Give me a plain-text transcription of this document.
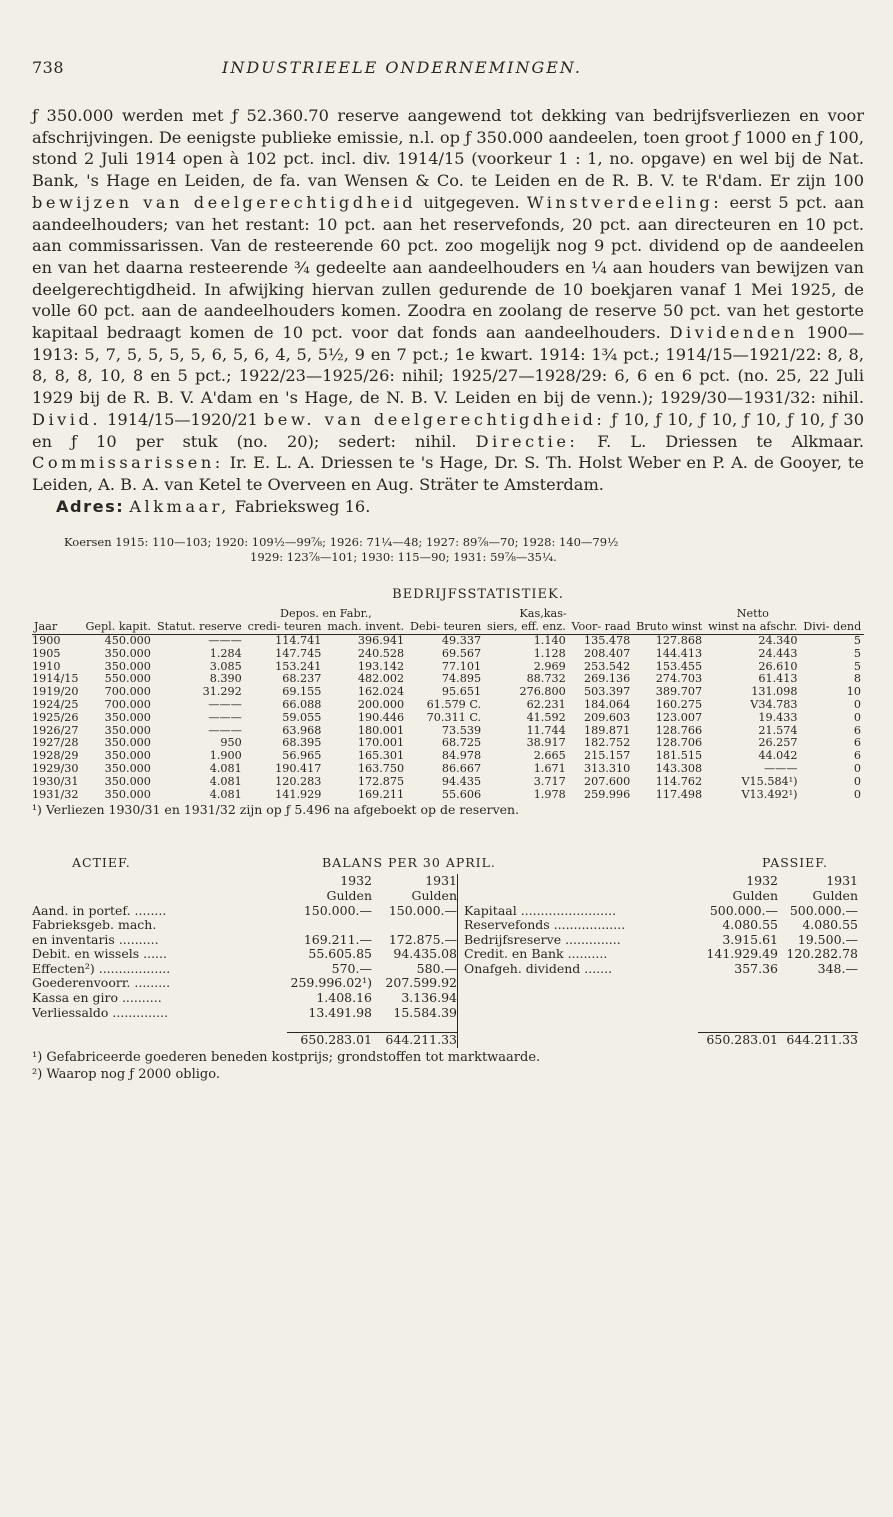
738	INDUSTRIEELE ONDERNEMINGEN.
ƒ 350.000 werden met ƒ 52.360.70 reserve aangewend tot dekking van bedrijfsverliezen en voor afschrijvingen. De eenigste publieke emissie, n.l. op ƒ 350.000 aandeelen, toen groot ƒ 1000 en ƒ 100, stond 2 Juli 1914 open à 102 pct. incl. div. 1914/15 (voorkeur 1 : 1, no. opgave) en wel bij de Nat. Bank, 's Hage en Leiden, de fa. van Wensen & Co. te Leiden en de R. B. V. te R'dam. Er zijn 100 bewijzen van deelgerechtigdheid uitgegeven. Winstverdeeling: eerst 5 pct. aan aandeelhouders; van het restant: 10 pct. aan het reservefonds, 20 pct. aan directeuren en 10 pct. aan commissarissen. Van de resteerende 60 pct. zoo mogelijk nog 9 pct. dividend op de aandeelen en van het daarna resteerende ¾ gedeelte aan aandeelhouders en ¼ aan houders van bewijzen van deelgerechtigdheid. In afwijking hiervan zullen gedurende de 10 boekjaren vanaf 1 Mei 1925, de volle 60 pct. aan de aandeelhouders komen. Zoodra en zoolang de reserve 50 pct. van het gestorte kapitaal bedraagt komen de 10 pct. voor dat fonds aan aandeelhouders. Dividenden 1900—1913: 5, 7, 5, 5, 5, 5, 6, 5, 6, 4, 5, 5½, 9 en 7 pct.; 1e kwart. 1914: 1¾ pct.; 1914/15—1921/22: 8, 8, 8, 8, 8, 10, 8 en 5 pct.; 1922/23—1925/26: nihil; 1925/27—1928/29: 6, 6 en 6 pct. (no. 25, 22 Juli 1929 bij de R. B. V. A'dam en 's Hage, de N. B. V. Leiden en bij de venn.); 1929/30—1931/32: nihil. Divid. 1914/15—1920/21 bew. van deelgerechtigdheid: ƒ 10, ƒ 10, ƒ 10, ƒ 10, ƒ 10, ƒ 30 en ƒ 10 per stuk (no. 20); sedert: nihil. Directie: F. L. Driessen te Alkmaar. Commissarissen: Ir. E. L. A. Driessen te 's Hage, Dr. S. Th. Holst Weber en P. A. de Gooyer, te Leiden, A. B. A. van Ketel te Overveen en Aug. Sträter te Amsterdam.
Adres: Alkmaar, Fabrieksweg 16.
Koersen 1915: 110—103; 1920: 109½—99⅞; 1926: 71¼—48; 1927: 89⅞—70; 1928: 140—79½
1929: 123⅞—101; 1930: 115—90; 1931: 59⅞—35¼.
BEDRIJFSSTATISTIEK.
			Depos. en Fabr.,		Kas,kas-				Netto	
Jaar	Gepl. kapit.	Statut. reserve	credi- teuren	mach. invent.	Debi- teuren	siers, eff. enz.	Voor- raad	Bruto winst	winst na afschr.	Divi- dend
1900	450.000	———	114.741	396.941	49.337	1.140	135.478	127.868	24.340	5
1905	350.000	1.284	147.745	240.528	69.567	1.128	208.407	144.413	24.443	5
1910	350.000	3.085	153.241	193.142	77.101	2.969	253.542	153.455	26.610	5
1914/15	550.000	8.390	68.237	482.002	74.895	88.732	269.136	274.703	61.413	8
1919/20	700.000	31.292	69.155	162.024	95.651	276.800	503.397	389.707	131.098	10
1924/25	700.000	———	66.088	200.000	61.579 C.	62.231	184.064	160.275	V34.783	0
1925/26	350.000	———	59.055	190.446	70.311 C.	41.592	209.603	123.007	19.433	0
1926/27	350.000	———	63.968	180.001	73.539	11.744	189.871	128.766	21.574	6
1927/28	350.000	950	68.395	170.001	68.725	38.917	182.752	128.706	26.257	6
1928/29	350.000	1.900	56.965	165.301	84.978	2.665	215.157	181.515	44.042	6
1929/30	350.000	4.081	190.417	163.750	86.667	1.671	313.310	143.308	———	0
1930/31	350.000	4.081	120.283	172.875	94.435	3.717	207.600	114.762	V15.584¹)	0
1931/32	350.000	4.081	141.929	169.211	55.606	1.978	259.996	117.498	V13.492¹)	0
¹) Verliezen 1930/31 en 1931/32 zijn op ƒ 5.496 na afgeboekt op de reserven.
ACTIEF.	BALANS PER 30 APRIL.	PASSIEF.
1932	1931
Gulden	Gulden
Aand. in portef. ........	150.000.—	150.000.—
Fabrieksgeb. mach.
en inventaris ..........	169.211.—	172.875.—
Debit. en wissels ......	55.605.85	94.435.08
Effecten²) ..................	570.—	580.—
Goederenvoorr. .........	259.996.02¹)	207.599.92
Kassa en giro ..........	1.408.16	3.136.94
Verliessaldo ..............	13.491.98	15.584.39
650.283.01	644.211.33
1932	1931
Gulden	Gulden
Kapitaal ........................	500.000.— 500.000.—
Reservefonds ..................	4.080.55	4.080.55
Bedrijfsreserve ..............	3.915.61	19.500.—
Credit. en Bank ..........	141.929.49 120.282.78
Onafgeh. dividend .......	357.36	348.—
650.283.01 644.211.33
¹) Gefabriceerde goederen beneden kostprijs; grondstoffen tot marktwaarde.
²) Waarop nog ƒ 2000 obligo.
